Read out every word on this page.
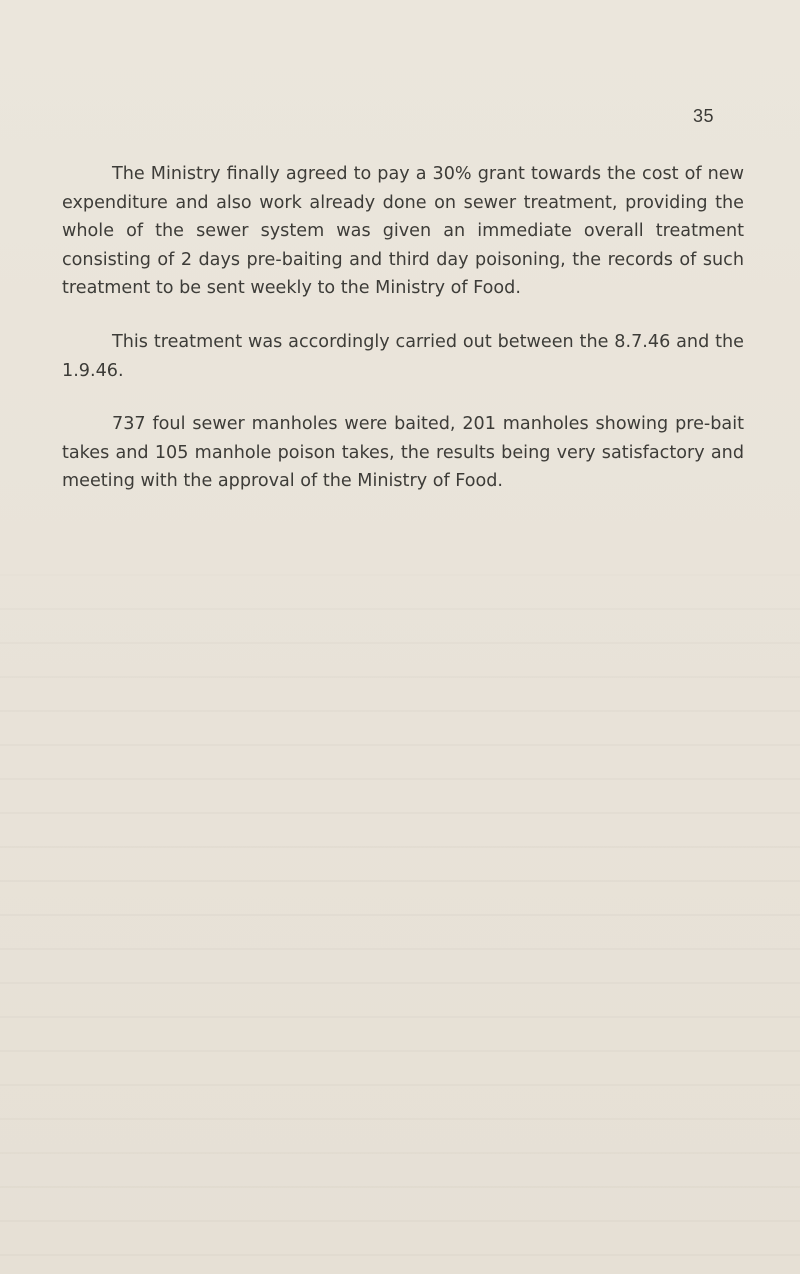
35

The Ministry finally agreed to pay a 30% grant towards the cost of new expenditure and also work already done on sewer treatment, providing the whole of the sewer system was given an immediate overall treatment consisting of 2 days pre-baiting and third day poisoning, the records of such treatment to be sent weekly to the Ministry of Food.

This treatment was accordingly carried out between the 8.7.46 and the 1.9.46.

737 foul sewer manholes were baited, 201 manholes showing pre-bait takes and 105 manhole poison takes, the results being very satisfactory and meeting with the approval of the Ministry of Food.
